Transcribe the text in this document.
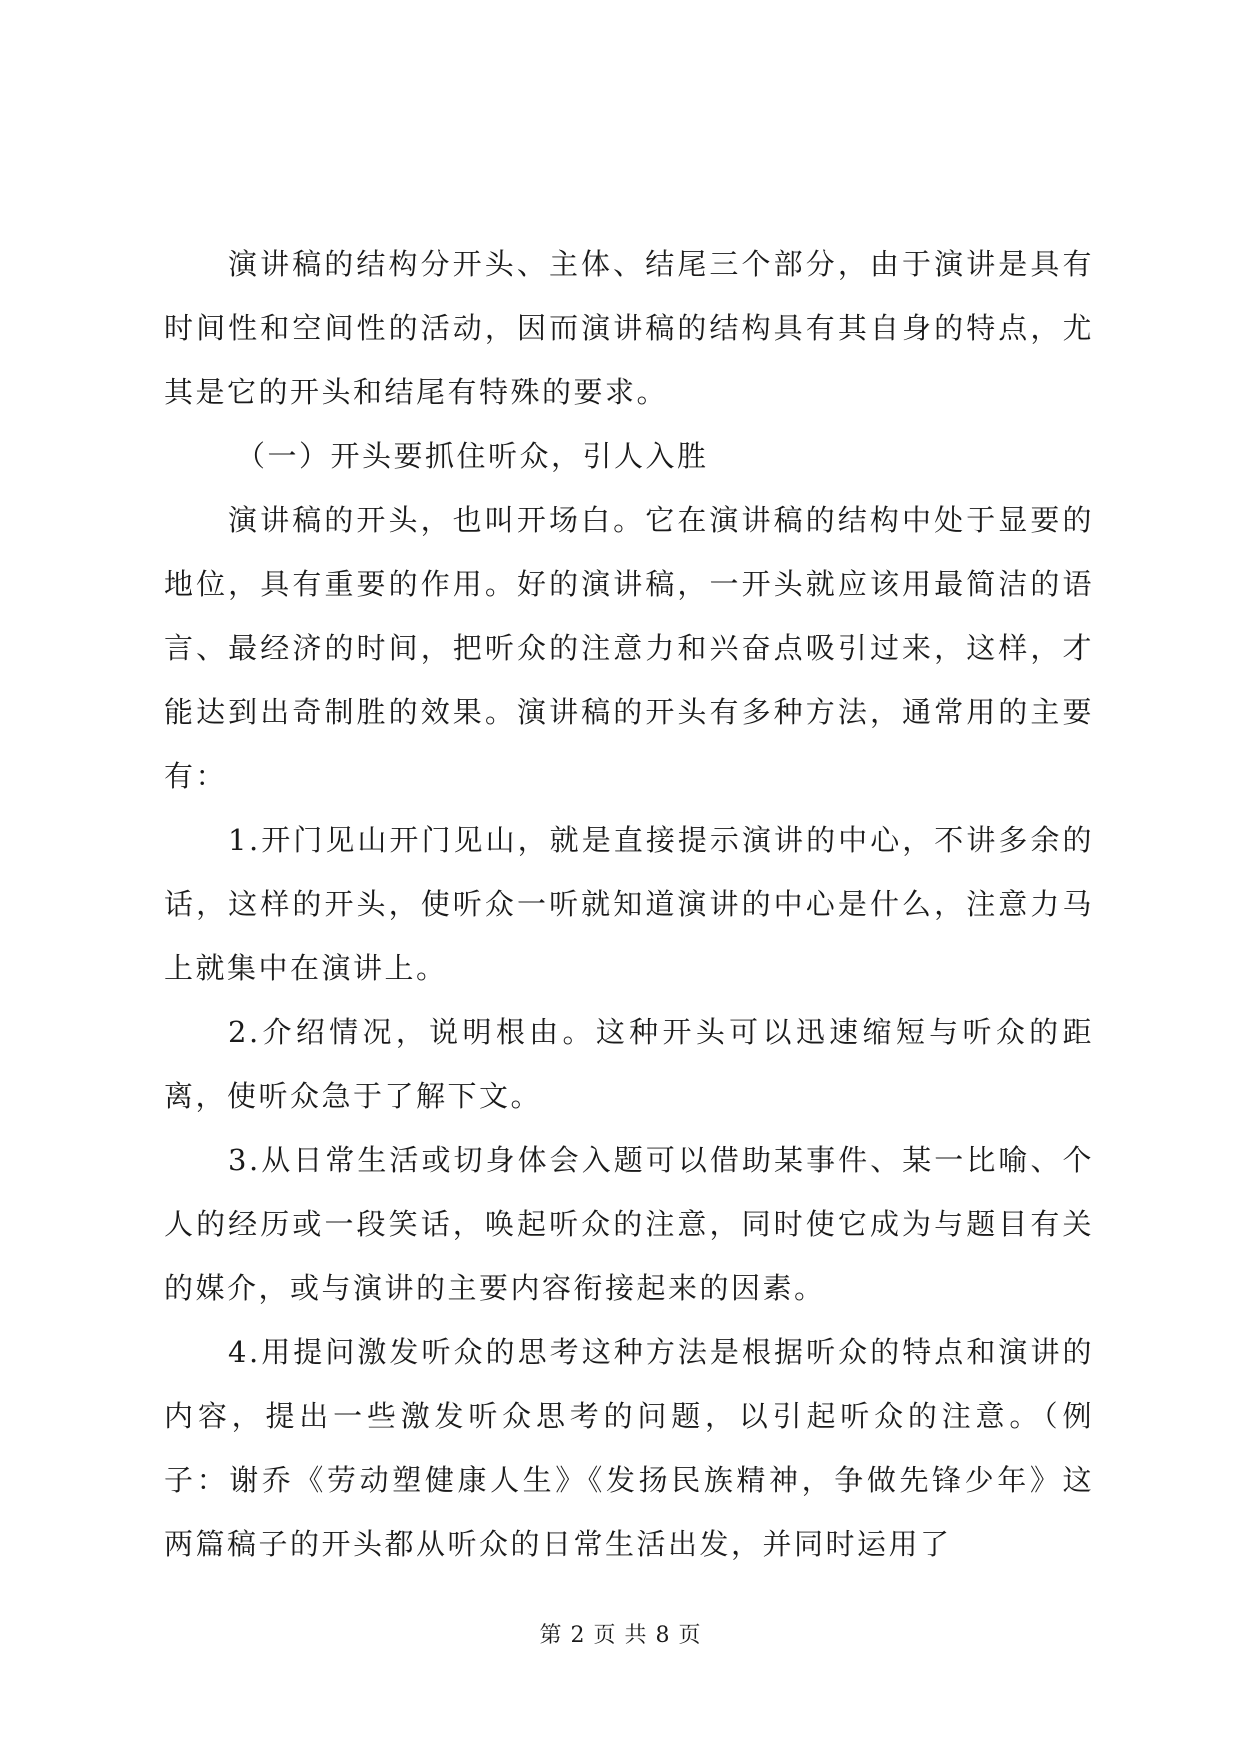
演讲稿的结构分开头、主体、结尾三个部分，由于演讲是具有时间性和空间性的活动，因而演讲稿的结构具有其自身的特点，尤其是它的开头和结尾有特殊的要求。

（一）开头要抓住听众，引人入胜

演讲稿的开头，也叫开场白。它在演讲稿的结构中处于显要的地位，具有重要的作用。好的演讲稿，一开头就应该用最简洁的语言、最经济的时间，把听众的注意力和兴奋点吸引过来，这样，才能达到出奇制胜的效果。演讲稿的开头有多种方法，通常用的主要有：

1.开门见山开门见山，就是直接提示演讲的中心，不讲多余的话，这样的开头，使听众一听就知道演讲的中心是什么，注意力马上就集中在演讲上。

2.介绍情况，说明根由。这种开头可以迅速缩短与听众的距离，使听众急于了解下文。

3.从日常生活或切身体会入题可以借助某事件、某一比喻、个人的经历或一段笑话，唤起听众的注意，同时使它成为与题目有关的媒介，或与演讲的主要内容衔接起来的因素。

4.用提问激发听众的思考这种方法是根据听众的特点和演讲的内容，提出一些激发听众思考的问题，以引起听众的注意。（例子：谢乔《劳动塑健康人生》《发扬民族精神，争做先锋少年》这两篇稿子的开头都从听众的日常生活出发，并同时运用了

第 2 页 共 8 页
